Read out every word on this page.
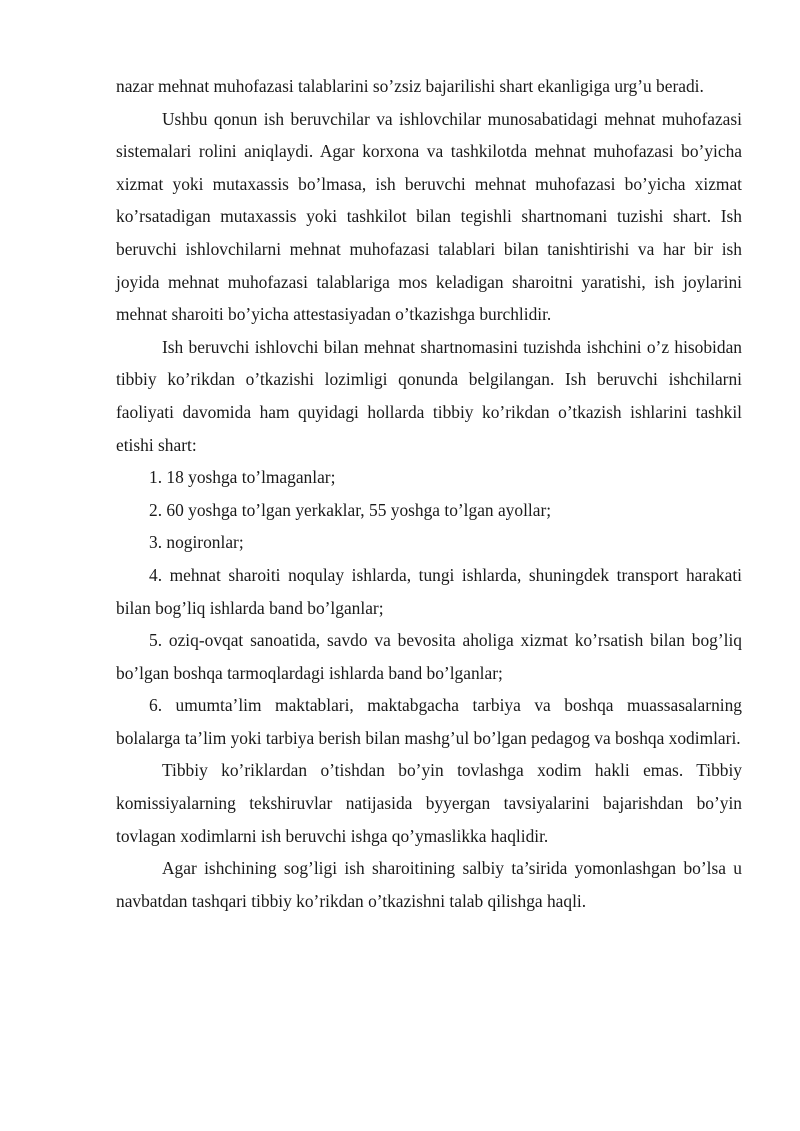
nazar mehnat muhofazasi talablarini so’zsiz bajarilishi shart ekanligiga urg’u beradi.

Ushbu qonun ish beruvchilar va ishlovchilar munosabatidagi mehnat muhofazasi sistemalari rolini aniqlaydi. Agar korxona va tashkilotda mehnat muhofazasi bo’yicha xizmat yoki mutaxassis bo’lmasa, ish beruvchi mehnat muhofazasi bo’yicha xizmat ko’rsatadigan mutaxassis yoki tashkilot bilan tegishli shartnomani tuzishi shart. Ish beruvchi ishlovchilarni mehnat muhofazasi talablari bilan tanishtirishi va har bir ish joyida mehnat muhofazasi talablariga mos keladigan sharoitni yaratishi, ish joylarini mehnat sharoiti bo’yicha attestasiyadan o’tkazishga burchlidir.

Ish beruvchi ishlovchi bilan mehnat shartnomasini tuzishda ishchini o’z hisobidan tibbiy ko’rikdan o’tkazishi lozimligi qonunda belgilangan. Ish beruvchi ishchilarni faoliyati davomida ham quyidagi hollarda tibbiy ko’rikdan o’tkazish ishlarini tashkil etishi shart:

1. 18 yoshga to’lmaganlar;

2. 60 yoshga to’lgan yerkaklar, 55 yoshga to’lgan ayollar;

3. nogironlar;

4. mehnat sharoiti noqulay ishlarda, tungi ishlarda, shuningdek transport harakati bilan bog’liq ishlarda band bo’lganlar;

5. oziq-ovqat sanoatida, savdo va bevosita aholiga xizmat ko’rsatish bilan bog’liq bo’lgan boshqa tarmoqlardagi ishlarda band bo’lganlar;

6. umumta’lim maktablari, maktabgacha tarbiya va boshqa muassasalarning bolalarga ta’lim yoki tarbiya berish bilan mashg’ul bo’lgan pedagog va boshqa xodimlari.

Tibbiy ko’riklardan o’tishdan bo’yin tovlashga xodim hakli emas. Tibbiy komissiyalarning tekshiruvlar natijasida byyergan tavsiyalarini bajarishdan bo’yin tovlagan xodimlarni ish beruvchi ishga qo’ymaslikka haqlidir.

Agar ishchining sog’ligi ish sharoitining salbiy ta’sirida yomonlashgan bo’lsa u navbatdan tashqari tibbiy ko’rikdan o’tkazishni talab qilishga haqli.
